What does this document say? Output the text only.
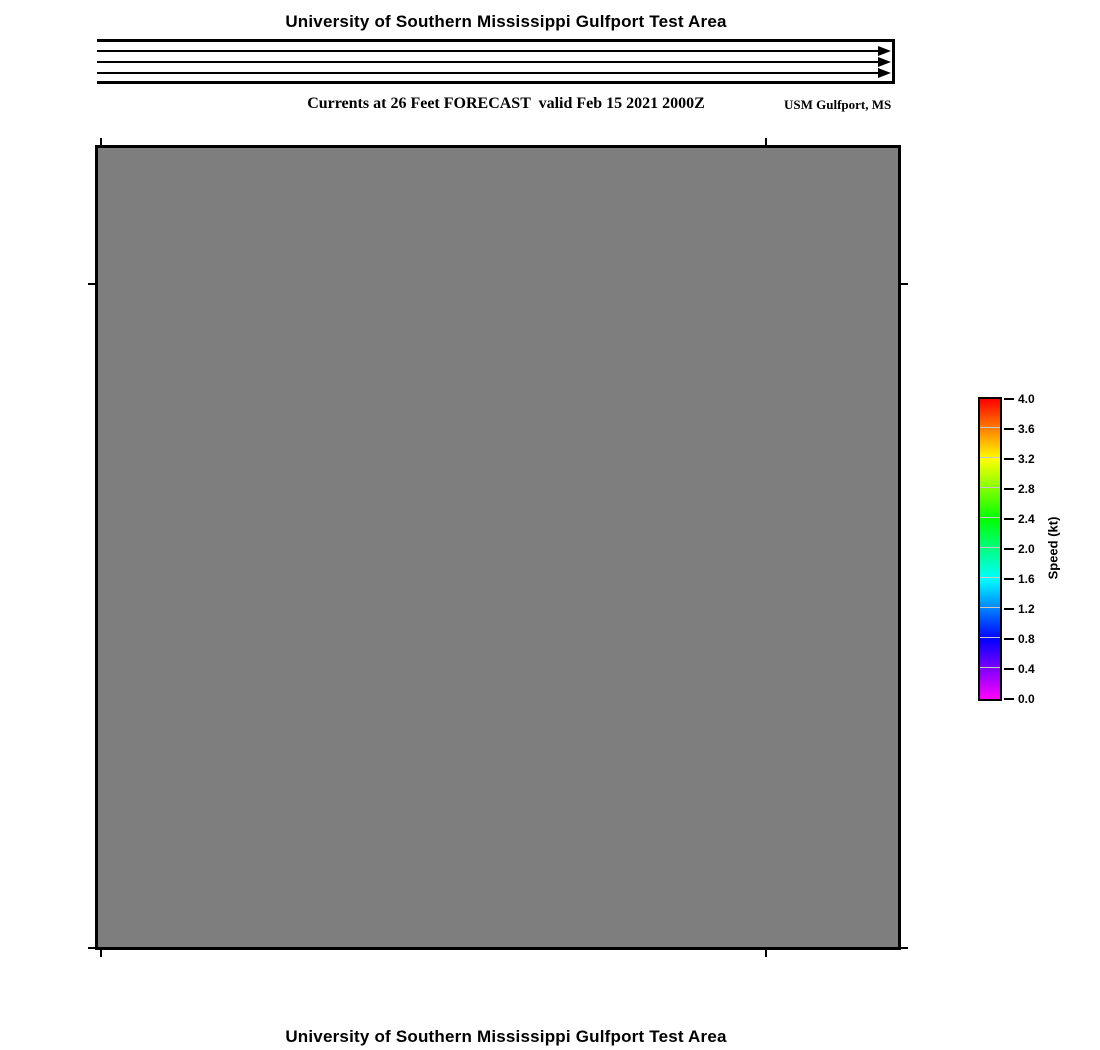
University of Southern Mississippi Gulfport Test Area
Currents at 26 Feet FORECAST  valid Feb 15 2021 2000Z	USM Gulfport, MS
4.0
3.6
3.2
2.8
2.4
2.0
1.6
1.2
0.8
0.4
0.0
Speed (kt)
University of Southern Mississippi Gulfport Test Area
